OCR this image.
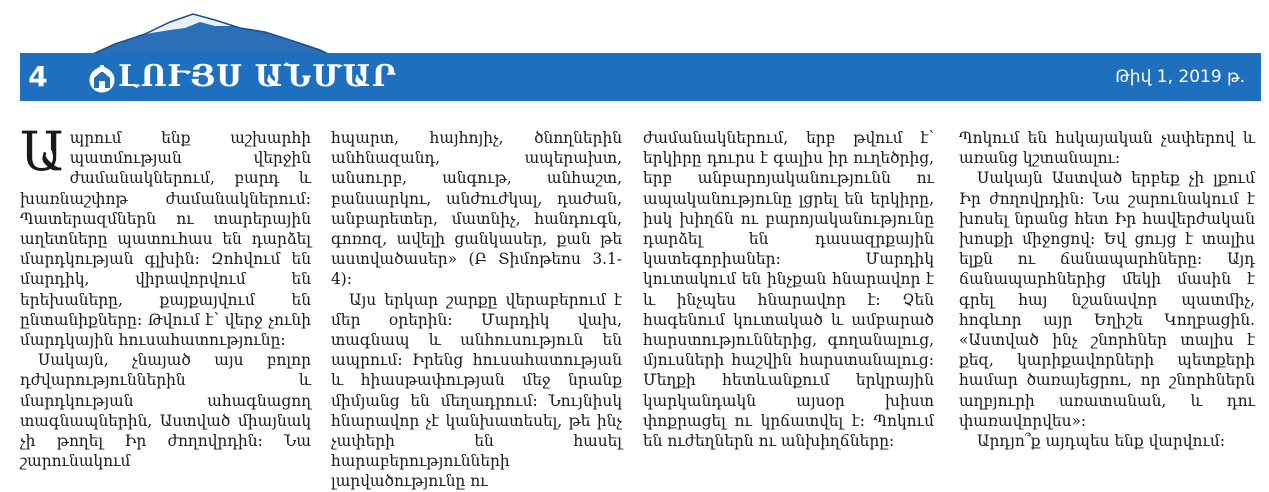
4 ԼՈՒՅՍ ԱՆՄԱՐ	Թիվ 1, 2019 թ.

Ապրում ենք աշխարհի պատմության վերջին ժամանակներում, բարդ և խառնաշփոթ ժամանակներում: Պատերազմներն ու տարերային աղետները պատուհաս են դարձել մարդկության գլխին: Զոհվում են մարդիկ, վիրավորվում են երեխաները, քայքայվում են ընտանիքները: Թվում է՝ վերջ չունի մարդկային հուսահատությունը:

Սակայն, չնայած այս բոլոր դժվարություններին և մարդկության ահագնացող տագնապներին, Աստված միայնակ չի թողել Իր ժողովրդին: Նա շարունակում

հպարտ, հայհոյիչ, ծնողներին անհնազանդ, ապերախտ, անսուրբ, անգութ, անհաշտ, բանսարկու, անժուժկալ, դաժան, անբարետեր, մատնիչ, հանդուգն, գոռոզ, ավելի ցանկասեր, քան թե աստվածասեր» (Բ Տիմոթեոս 3.1-4):

Այս երկար շարքը վերաբերում է մեր օրերին: Մարդիկ վախ, տագնապ և անհուսություն են ապրում: Իրենց հուսահատության և հիասթափության մեջ նրանք միմյանց են մեղադրում: Նույնիսկ հնարավոր չէ կանխատեսել, թե ինչ չափերի են հասել հարաբերությունների լարվածությունը ու

ժամանակներում, երբ թվում է՝ երկիրը դուրս է գալիս իր ուղեծրից, երբ անբարոյականությունն ու ապականությունը լցրել են երկիրը, իսկ խիղճն ու բարոյականությունը դարձել են դասազրքային կատեգորիաներ: Մարդիկ կուտակում են ինչքան հնարավոր է և ինչպես հնարավոր է: Չեն հագենում կուտակած և ամբարած հարստություններից, գողանալուց, մյուսների հաշվին հարստանալուց: Մեղքի հետևանքում երկրային կարկանդակն այսօր խիստ փոքրացել ու կրճատվել է: Պոկում են ուժեղներն ու անխիղճները:

Պոկում են հսկայական չափերով և առանց կշտանալու:

Սակայն Աստված երբեք չի լքում Իր ժողովրդին: Նա շարունակում է խոսել նրանց հետ Իր հավերժական խոսքի միջոցով: Եվ ցույց է տալիս ելքն ու ճանապարհները: Այդ ճանապարհներից մեկի մասին է գրել հայ նշանավոր պատմիչ, հոգևոր այր Եղիշե Կողբացին. «Աստված ինչ շնորհներ տալիս է քեզ, կարիքավորների պետքերի համար ծառայեցրու, որ շնորհներն աղբյուրի առատանան, և դու փառավորվես»:

Արդյո՞ք այդպես ենք վարվում:
